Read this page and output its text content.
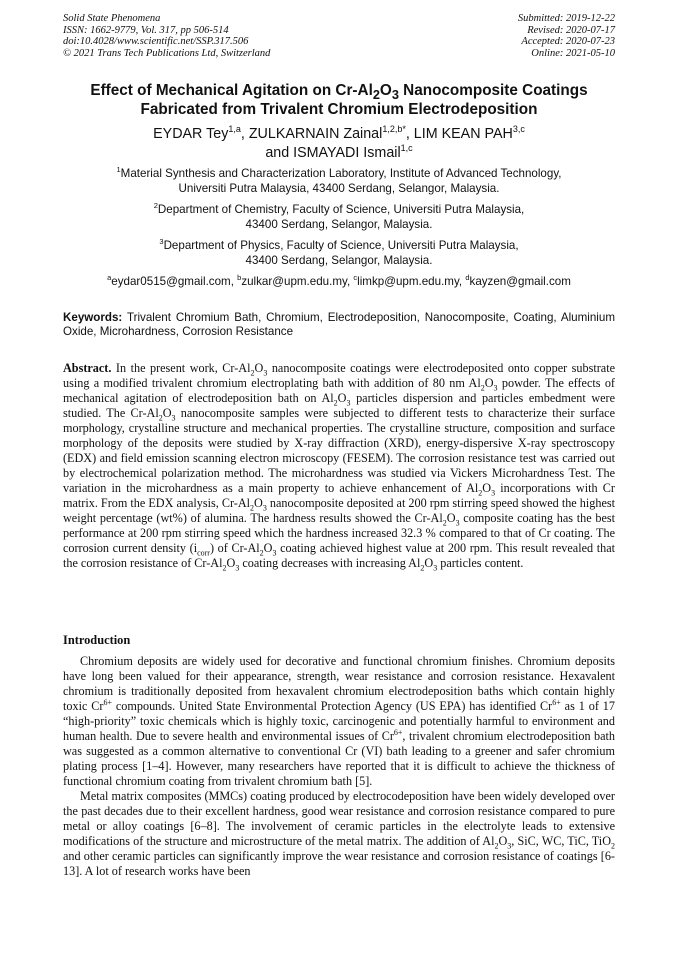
Solid State Phenomena
ISSN: 1662-9779, Vol. 317, pp 506-514
doi:10.4028/www.scientific.net/SSP.317.506
© 2021 Trans Tech Publications Ltd, Switzerland
Submitted: 2019-12-22
Revised: 2020-07-17
Accepted: 2020-07-23
Online: 2021-05-10
Effect of Mechanical Agitation on $Cr-Al_2O_3$ Nanocomposite Coatings
Fabricated from Trivalent Chromium Electrodeposition
EYDAR Tey$^{1,a}$, ZULKARNAIN Zainal$^{1,2,b*}$, LIM KEAN PAH$^{3,c}$
and ISMAYADI Ismail$^{1,c}$
$^1$Material Synthesis and Characterization Laboratory, Institute of Advanced Technology,
Universiti Putra Malaysia, 43400 Serdang, Selangor, Malaysia.
$^2$Department of Chemistry, Faculty of Science, Universiti Putra Malaysia,
43400 Serdang, Selangor, Malaysia.
$^3$Department of Physics, Faculty of Science, Universiti Putra Malaysia,
43400 Serdang, Selangor, Malaysia.
$^a$eydar0515@gmail.com, $^b$zulkar@upm.edu.my, $^c$limkp@upm.edu.my, $^d$kayzen@gmail.com
Keywords: Trivalent Chromium Bath, Chromium, Electrodeposition, Nanocomposite, Coating, Aluminium Oxide, Microhardness, Corrosion Resistance
Abstract. In the present work, $Cr-Al_2O_3$ nanocomposite coatings were electrodeposited onto copper substrate using a modified trivalent chromium electroplating bath with addition of 80 nm $Al_2O_3$ powder. The effects of mechanical agitation of electrodeposition bath on $Al_2O_3$ particles dispersion and particles embedment were studied. The $Cr-Al_2O_3$ nanocomposite samples were subjected to different tests to characterize their surface morphology, crystalline structure and mechanical properties. The crystalline structure, composition and surface morphology of the deposits were studied by X-ray diffraction (XRD), energy-dispersive X-ray spectroscopy (EDX) and field emission scanning electron microscopy (FESEM). The corrosion resistance test was carried out by electrochemical polarization method. The microhardness was studied via Vickers Microhardness Test. The variation in the microhardness as a main property to achieve enhancement of $Al_2O_3$ incorporations with Cr matrix. From the EDX analysis, $Cr-Al_2O_3$ nanocomposite deposited at 200 rpm stirring speed showed the highest weight percentage (wt%) of alumina. The hardness results showed the $Cr-Al_2O_3$ composite coating has the best performance at 200 rpm stirring speed which the hardness increased 32.3 % compared to that of Cr coating. The corrosion current density $(i_{corr})$ of $Cr-Al_2O_3$ coating achieved highest value at 200 rpm. This result revealed that the corrosion resistance of $Cr-Al_2O_3$ coating decreases with increasing $Al_2O_3$ particles content.
Introduction

Chromium deposits are widely used for decorative and functional chromium finishes. Chromium deposits have long been valued for their appearance, strength, wear resistance and corrosion resistance. Hexavalent chromium is traditionally deposited from hexavalent chromium electrodeposition baths which contain highly toxic $Cr^{6+}$ compounds. United State Environmental Protection Agency (US EPA) has identified $Cr^{6+}$ as 1 of 17 “high-priority” toxic chemicals which is highly toxic, carcinogenic and potentially harmful to environment and human health. Due to severe health and environmental issues of $Cr^{6+}$, trivalent chromium electrodeposition bath was suggested as a common alternative to conventional Cr (VI) bath leading to a greener and safer chromium plating process [1–4]. However, many researchers have reported that it is difficult to achieve the thickness of functional chromium coating from trivalent chromium bath [5].

Metal matrix composites (MMCs) coating produced by electrocodeposition have been widely developed over the past decades due to their excellent hardness, good wear resistance and corrosion resistance compared to pure metal or alloy coatings [6–8]. The involvement of ceramic particles in the electrolyte leads to extensive modifications of the structure and microstructure of the metal matrix. The addition of $Al_2O_3$, SiC, WC, TiC, TiO$_2$ and other ceramic particles can significantly improve the wear resistance and corrosion resistance of coatings [6-13]. A lot of research works have been
